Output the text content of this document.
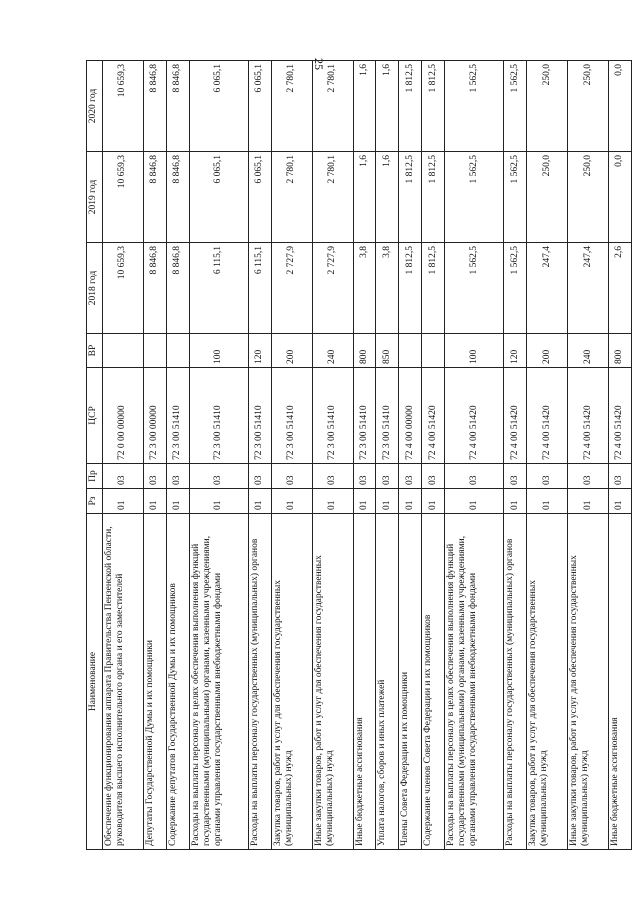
25
Наименование	Рз	Пр	ЦСР	ВР	2018 год	2019 год	2020 год
Обеспечение функционирования аппарата Правительства Пензенской области, руководителя высшего исполнительного органа и его заместителей	01	03	72 0 00 00000		10 659,3	10 659,3	10 659,3
Депутаты Государственной Думы и их помощники	01	03	72 3 00 00000		8 846,8	8 846,8	8 846,8
Содержание депутатов Государственной Думы и их помощников	01	03	72 3 00 51410		8 846,8	8 846,8	8 846,8
Расходы на выплаты персоналу в целях обеспечения выполнения функций государственными (муниципальными) органами, казенными учреждениями, органами управления государственными внебюджетными фондами	01	03	72 3 00 51410	100	6 115,1	6 065,1	6 065,1
Расходы на выплаты персоналу государственных (муниципальных) органов	01	03	72 3 00 51410	120	6 115,1	6 065,1	6 065,1
Закупка товаров, работ и услуг для обеспечения государственных (муниципальных) нужд	01	03	72 3 00 51410	200	2 727,9	2 780,1	2 780,1
Иные закупки товаров, работ и услуг для обеспечения государственных (муниципальных) нужд	01	03	72 3 00 51410	240	2 727,9	2 780,1	2 780,1
Иные бюджетные ассигнования	01	03	72 3 00 51410	800	3,8	1,6	1,6
Уплата налогов, сборов и иных платежей	01	03	72 3 00 51410	850	3,8	1,6	1,6
Члены Совета Федерации и их помощники	01	03	72 4 00 00000		1 812,5	1 812,5	1 812,5
Содержание членов Совета Федерации и их помощников	01	03	72 4 00 51420		1 812,5	1 812,5	1 812,5
Расходы на выплаты персоналу в целях обеспечения выполнения функций государственными (муниципальными) органами, казенными учреждениями, органами управления государственными внебюджетными фондами	01	03	72 4 00 51420	100	1 562,5	1 562,5	1 562,5
Расходы на выплаты персоналу государственных (муниципальных) органов	01	03	72 4 00 51420	120	1 562,5	1 562,5	1 562,5
Закупка товаров, работ и услуг для обеспечения государственных (муниципальных) нужд	01	03	72 4 00 51420	200	247,4	250,0	250,0
Иные закупки товаров, работ и услуг для обеспечения государственных (муниципальных) нужд	01	03	72 4 00 51420	240	247,4	250,0	250,0
Иные бюджетные ассигнования	01	03	72 4 00 51420	800	2,6	0,0	0,0
